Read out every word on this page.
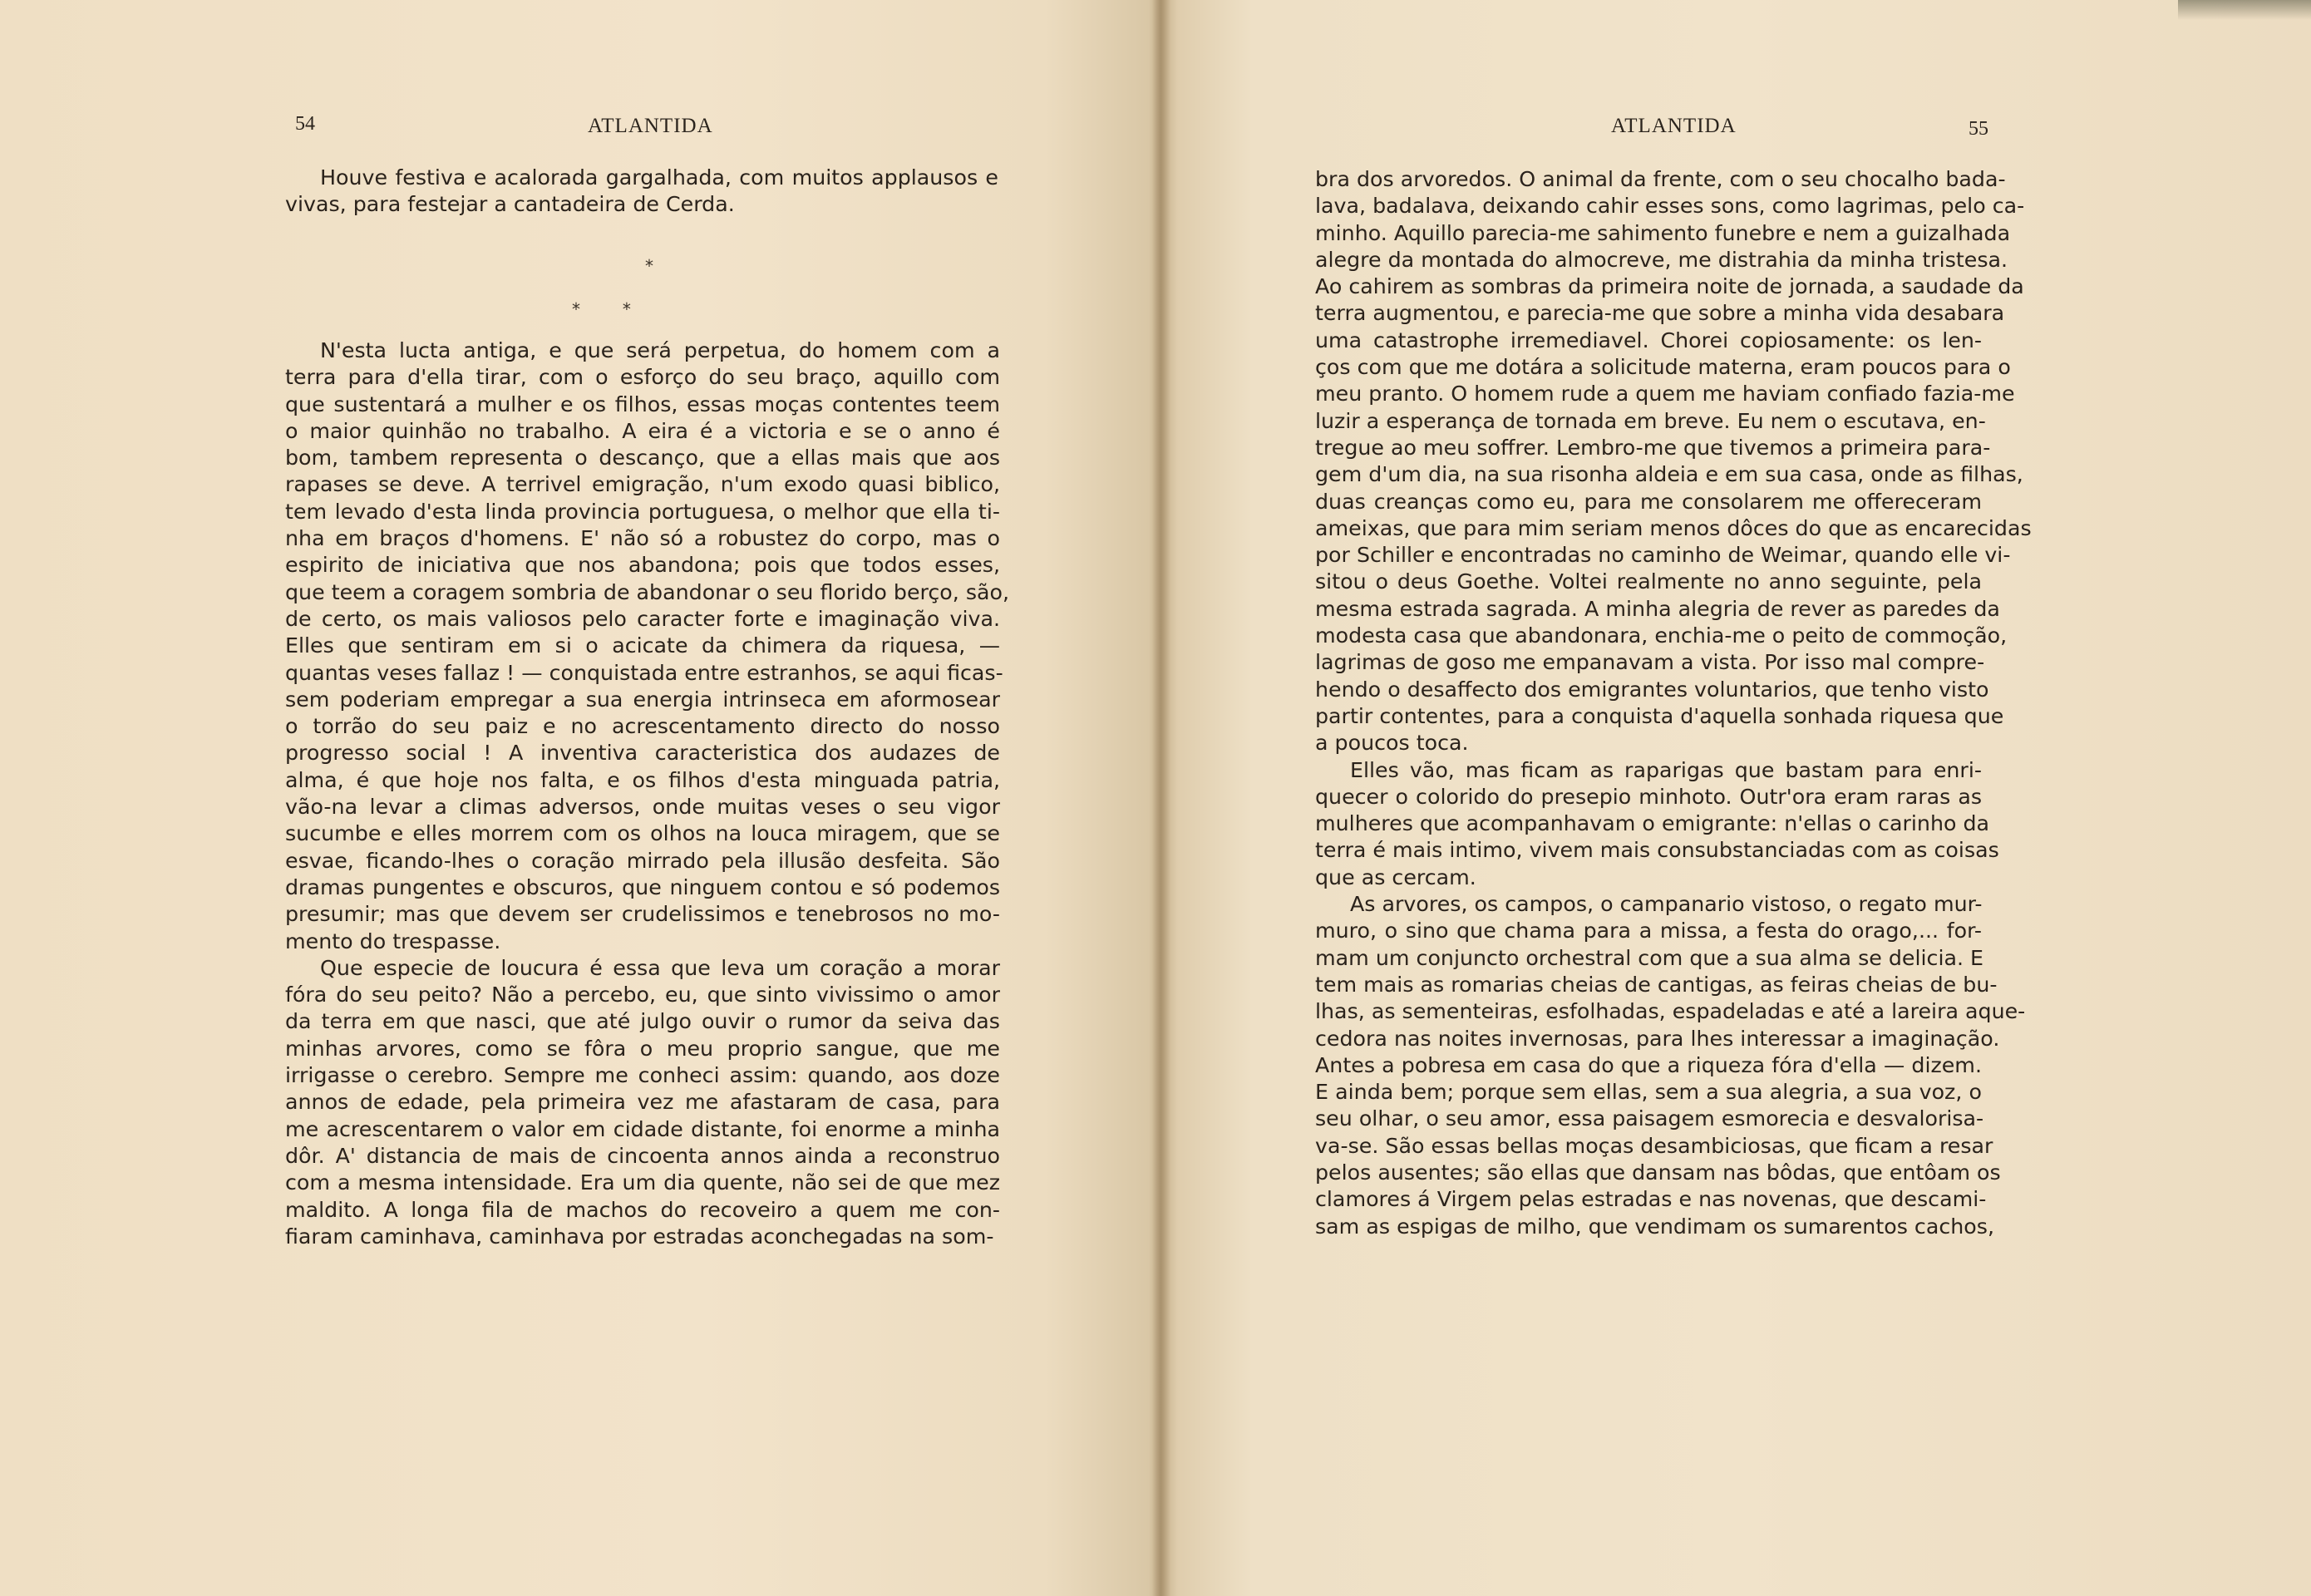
54	ATLANTIDA
Houve festiva e acalorada gargalhada, com muitos applausos e
vivas, para festejar a cantadeira de Cerda.
*
*        *
N'esta lucta antiga, e que será perpetua, do homem com a
terra para d'ella tirar, com o esforço do seu braço, aquillo com
que sustentará a mulher e os filhos, essas moças contentes teem
o maior quinhão no trabalho. A eira é a victoria e se o anno é
bom, tambem representa o descanço, que a ellas mais que aos
rapases se deve. A terrivel emigração, n'um exodo quasi biblico,
tem levado d'esta linda provincia portuguesa, o melhor que ella ti-
nha em braços d'homens. E' não só a robustez do corpo, mas o
espirito de iniciativa que nos abandona; pois que todos esses,
que teem a coragem sombria de abandonar o seu florido berço, são,
de certo, os mais valiosos pelo caracter forte e imaginação viva.
Elles que sentiram em si o acicate da chimera da riquesa, —
quantas veses fallaz ! — conquistada entre estranhos, se aqui ficas-
sem poderiam empregar a sua energia intrinseca em aformosear
o torrão do seu paiz e no acrescentamento directo do nosso
progresso social ! A inventiva caracteristica dos audazes de
alma, é que hoje nos falta, e os filhos d'esta minguada patria,
vão-na levar a climas adversos, onde muitas veses o seu vigor
sucumbe e elles morrem com os olhos na louca miragem, que se
esvae, ficando-lhes o coração mirrado pela illusão desfeita. São
dramas pungentes e obscuros, que ninguem contou e só podemos
presumir; mas que devem ser crudelissimos e tenebrosos no mo-
mento do trespasse.
Que especie de loucura é essa que leva um coração a morar
fóra do seu peito? Não a percebo, eu, que sinto vivissimo o amor
da terra em que nasci, que até julgo ouvir o rumor da seiva das
minhas arvores, como se fôra o meu proprio sangue, que me
irrigasse o cerebro. Sempre me conheci assim: quando, aos doze
annos de edade, pela primeira vez me afastaram de casa, para
me acrescentarem o valor em cidade distante, foi enorme a minha
dôr. A' distancia de mais de cincoenta annos ainda a reconstruo
com a mesma intensidade. Era um dia quente, não sei de que mez
maldito. A longa fila de machos do recoveiro a quem me con-
fiaram caminhava, caminhava por estradas aconchegadas na som-
ATLANTIDA	55
bra dos arvoredos. O animal da frente, com o seu chocalho bada-
lava, badalava, deixando cahir esses sons, como lagrimas, pelo ca-
minho. Aquillo parecia-me sahimento funebre e nem a guizalhada
alegre da montada do almocreve, me distrahia da minha tristesa.
Ao cahirem as sombras da primeira noite de jornada, a saudade da
terra augmentou, e parecia-me que sobre a minha vida desabara
uma catastrophe irremediavel. Chorei copiosamente: os len-
ços com que me dotára a solicitude materna, eram poucos para o
meu pranto. O homem rude a quem me haviam confiado fazia-me
luzir a esperança de tornada em breve. Eu nem o escutava, en-
tregue ao meu soffrer. Lembro-me que tivemos a primeira para-
gem d'um dia, na sua risonha aldeia e em sua casa, onde as filhas,
duas creanças como eu, para me consolarem me offereceram
ameixas, que para mim seriam menos dôces do que as encarecidas
por Schiller e encontradas no caminho de Weimar, quando elle vi-
sitou o deus Goethe. Voltei realmente no anno seguinte, pela
mesma estrada sagrada. A minha alegria de rever as paredes da
modesta casa que abandonara, enchia-me o peito de commoção,
lagrimas de goso me empanavam a vista. Por isso mal compre-
hendo o desaffecto dos emigrantes voluntarios, que tenho visto
partir contentes, para a conquista d'aquella sonhada riquesa que
a poucos toca.
Elles vão, mas ficam as raparigas que bastam para enri-
quecer o colorido do presepio minhoto. Outr'ora eram raras as
mulheres que acompanhavam o emigrante: n'ellas o carinho da
terra é mais intimo, vivem mais consubstanciadas com as coisas
que as cercam.
As arvores, os campos, o campanario vistoso, o regato mur-
muro, o sino que chama para a missa, a festa do orago,... for-
mam um conjuncto orchestral com que a sua alma se delicia. E
tem mais as romarias cheias de cantigas, as feiras cheias de bu-
lhas, as sementeiras, esfolhadas, espadeladas e até a lareira aque-
cedora nas noites invernosas, para lhes interessar a imaginação.
Antes a pobresa em casa do que a riqueza fóra d'ella — dizem.
E ainda bem; porque sem ellas, sem a sua alegria, a sua voz, o
seu olhar, o seu amor, essa paisagem esmorecia e desvalorisa-
va-se. São essas bellas moças desambiciosas, que ficam a resar
pelos ausentes; são ellas que dansam nas bôdas, que entôam os
clamores á Virgem pelas estradas e nas novenas, que descami-
sam as espigas de milho, que vendimam os sumarentos cachos,
